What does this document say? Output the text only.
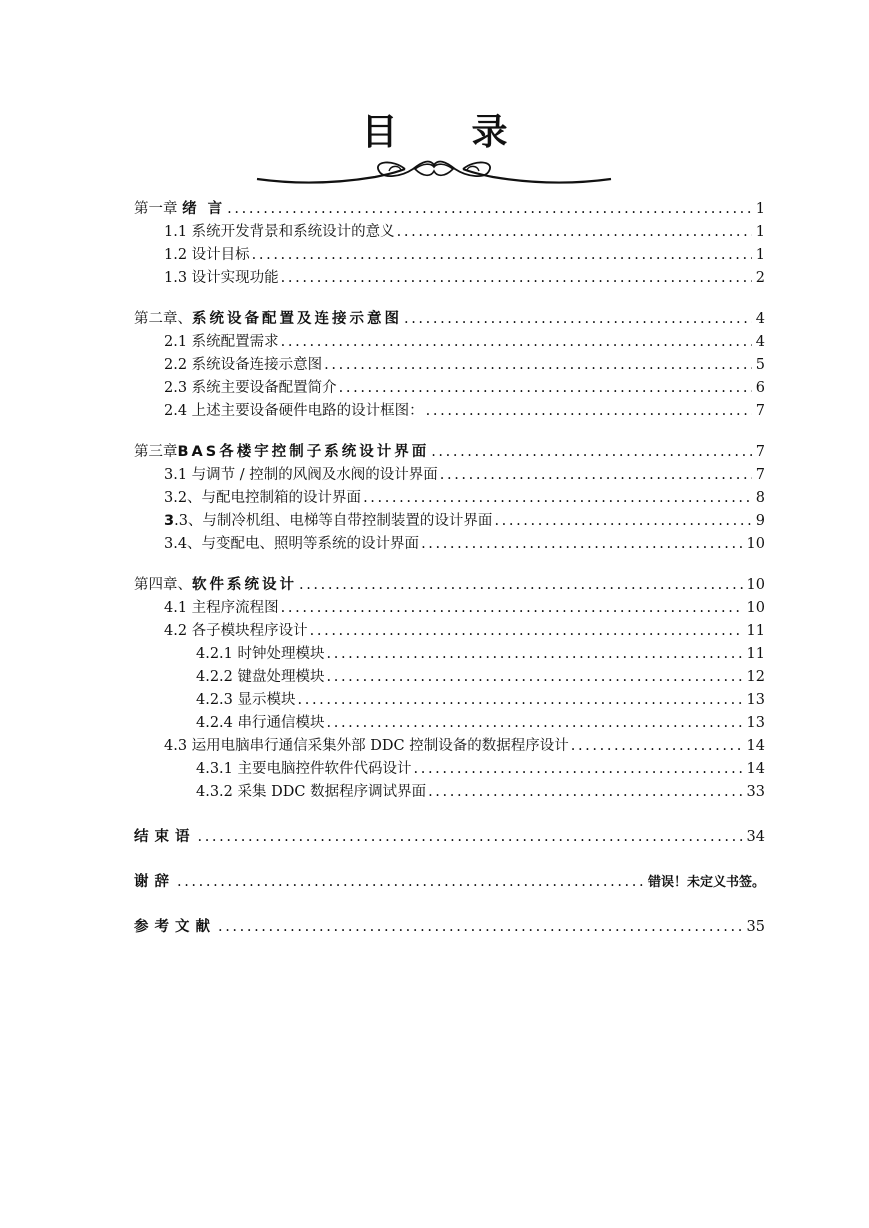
目 录
第一章 绪 言 . . .	1
1.1 系统开发背景和系统设计的意义 . . .	1
1.2 设计目标 . . .	1
1.3 设计实现功能 . . .	2
第二章、系统设备配置及连接示意图 . . .	4
2.1 系统配置需求 . . .	4
2.2 系统设备连接示意图 . . .	5
2.3 系统主要设备配置简介 . . .	6
2.4 上述主要设备硬件电路的设计框图： . . .	7
第三章BAS各楼宇控制子系统设计界面 . . .	7
3.1 与调节 / 控制的风阀及水阀的设计界面 . . .	7
3.2、与配电控制箱的设计界面 . . .	8
3.3、与制冷机组、电梯等自带控制装置的设计界面 . . .	9
3.4、与变配电、照明等系统的设计界面 . . .	10
第四章、软件系统设计 . . .	10
4.1 主程序流程图 . . .	10
4.2 各子模块程序设计 . . .	11
4.2.1 时钟处理模块 . . .	11
4.2.2 键盘处理模块 . . .	12
4.2.3 显示模块 . . .	13
4.2.4 串行通信模块 . . .	13
4.3 运用电脑串行通信采集外部 DDC 控制设备的数据程序设计 . . .	14
4.3.1 主要电脑控件软件代码设计 . . .	14
4.3.2 采集 DDC 数据程序调试界面 . . .	33
结束语 . . .	34
谢辞 . . .	错误！未定义书签。
参考文献 . . .	35
